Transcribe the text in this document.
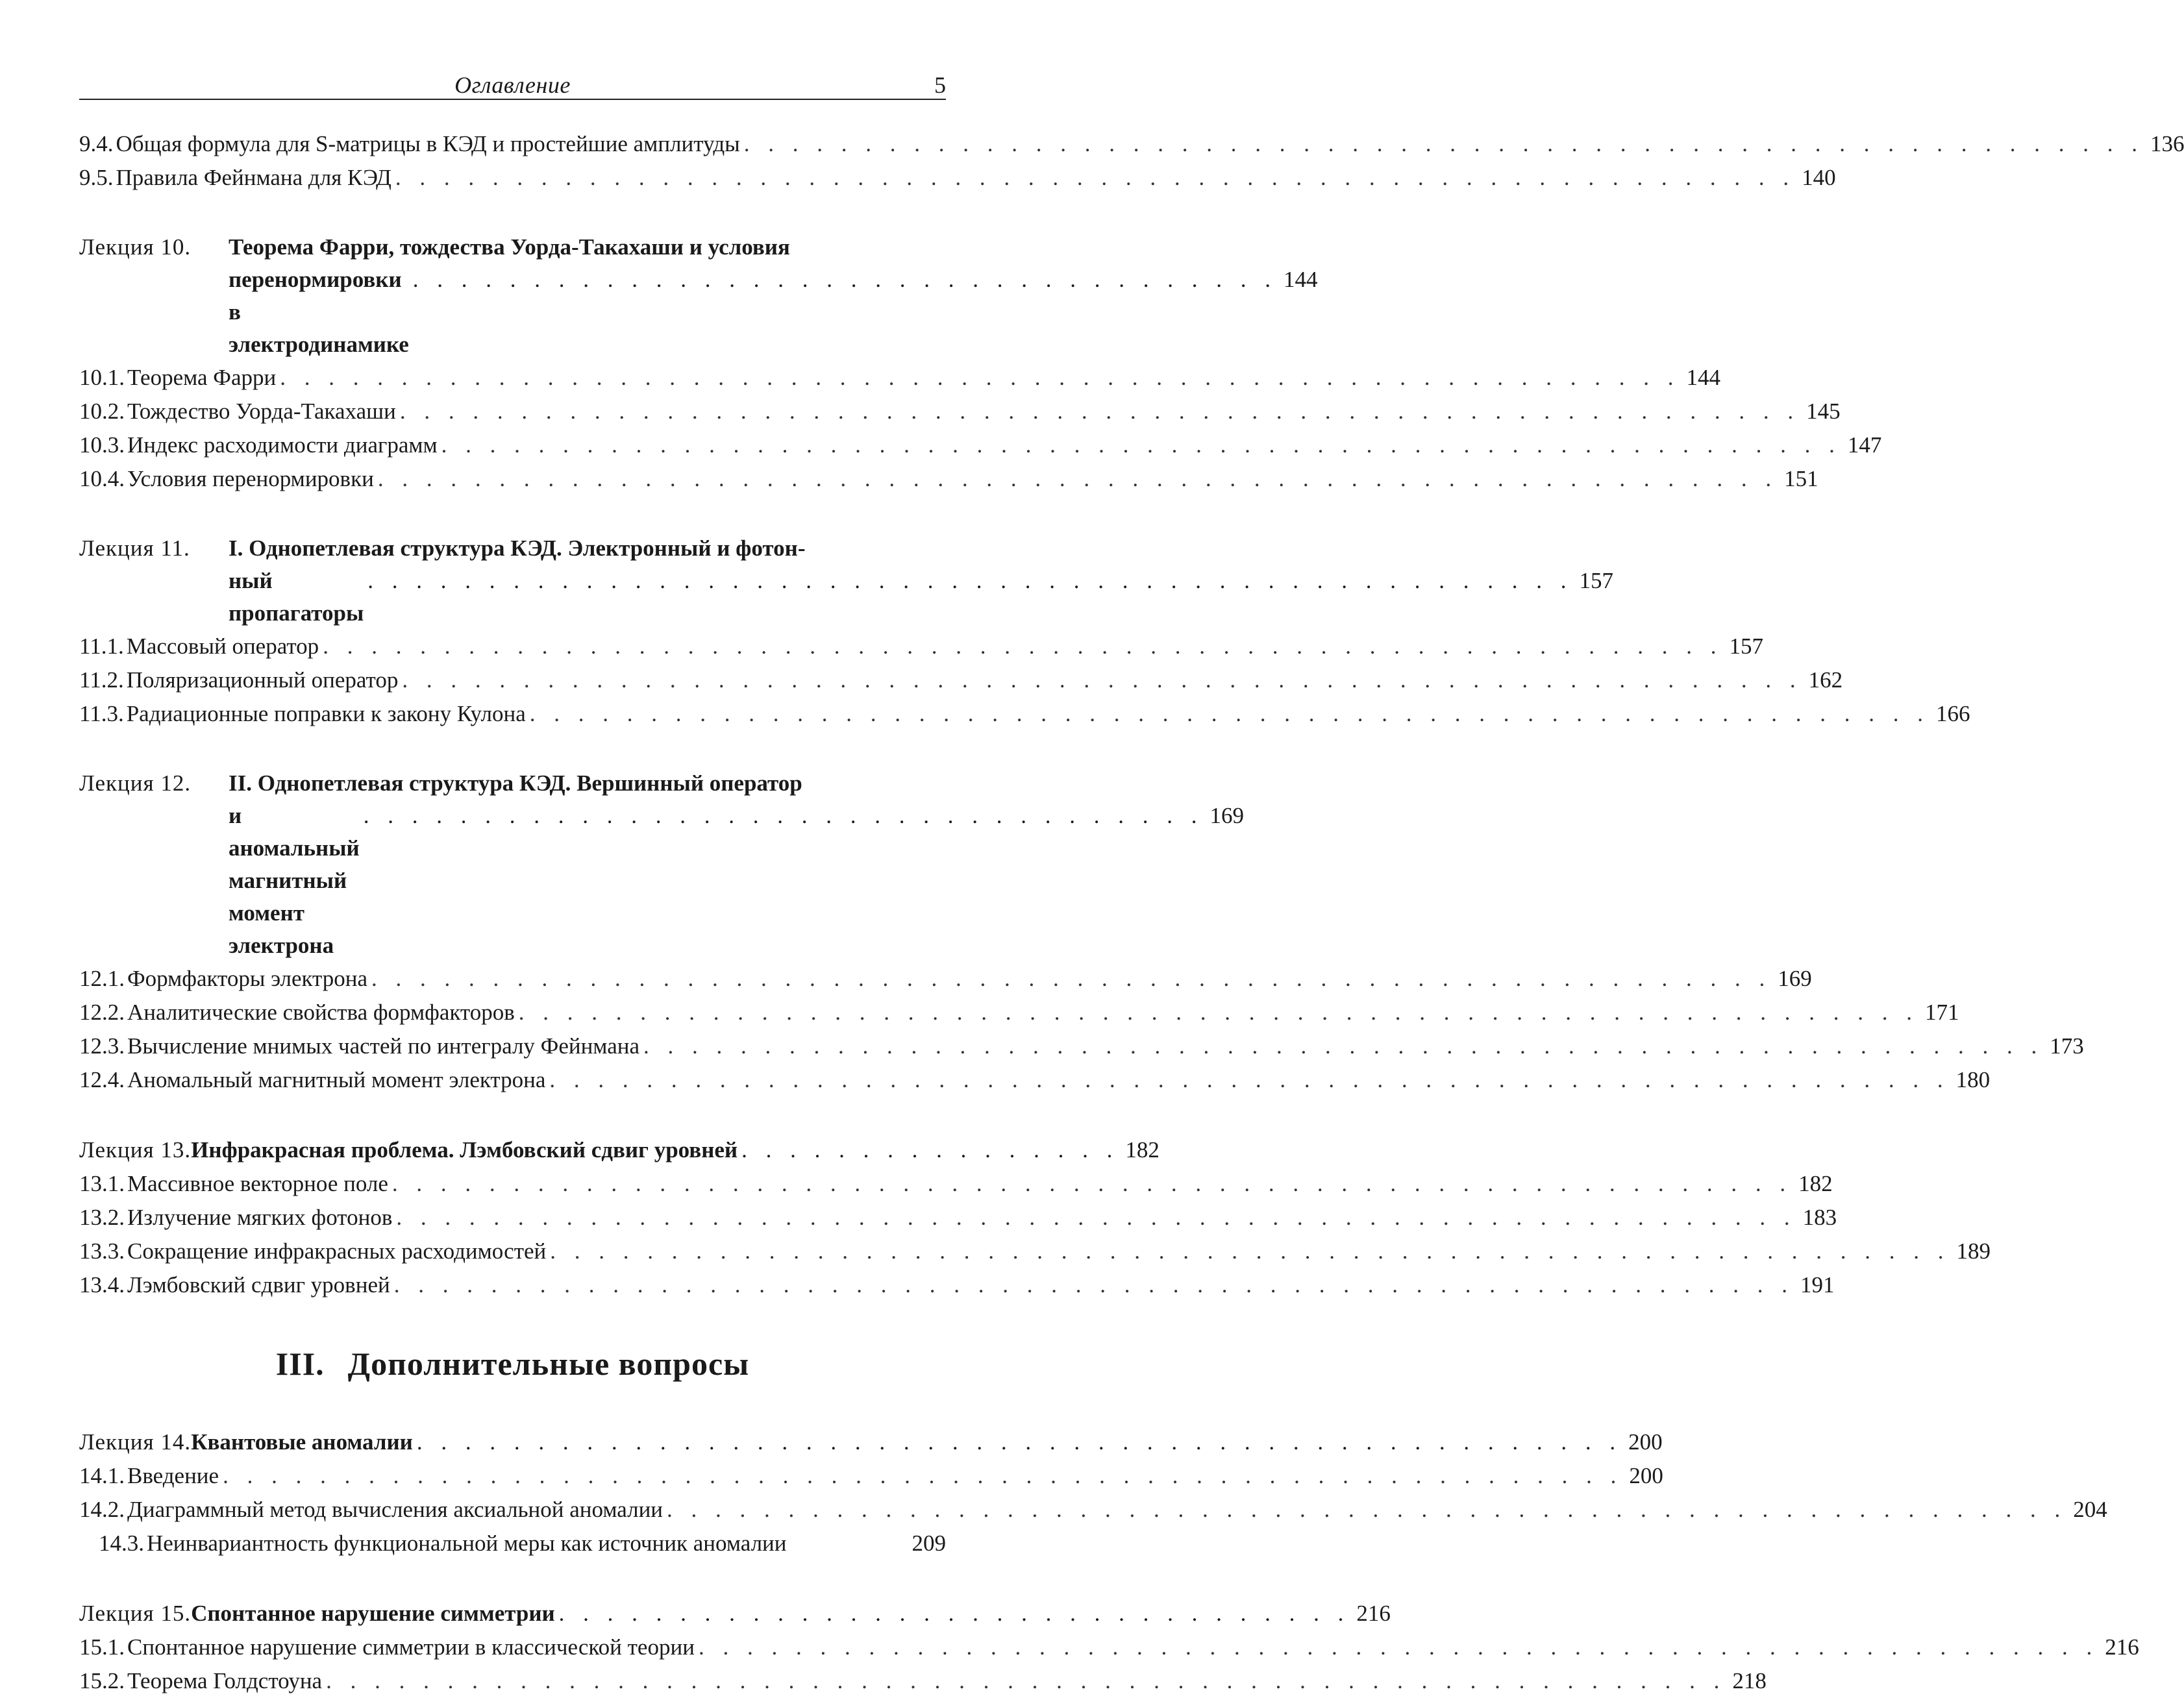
Оглавление	5
9.4. Общая формула для S-матрицы в КЭД и простейшие амплитуды . . . . . . . . . . . . . . . . . . . . . . . . . . . . . . . . . . . . . . . . . . . . . . . . . . . . . . . . . . 136
9.5. Правила Фейнмана для КЭД . . . . . . . . . . . . . . . . . . . . . . . . . . . . . . . . . . . . . . . . . . . . . . . . . . . . . . . . . . 140
Лекция 10.	Теорема Фарри, тождества Уорда-Такахаши и условия
перенормировки в электродинамике
. . . . . . . . . . . . . . . . . . . . . . . . . . . . . . . . . . . . 144
10.1. Теорема Фарри . . . . . . . . . . . . . . . . . . . . . . . . . . . . . . . . . . . . . . . . . . . . . . . . . . . . . . . . . . 144
10.2. Тождество Уорда-Такахаши . . . . . . . . . . . . . . . . . . . . . . . . . . . . . . . . . . . . . . . . . . . . . . . . . . . . . . . . . . 145
10.3. Индекс расходимости диаграмм . . . . . . . . . . . . . . . . . . . . . . . . . . . . . . . . . . . . . . . . . . . . . . . . . . . . . . . . . . 147
10.4. Условия перенормировки . . . . . . . . . . . . . . . . . . . . . . . . . . . . . . . . . . . . . . . . . . . . . . . . . . . . . . . . . . 151
Лекция 11.	I. Однопетлевая структура КЭД. Электронный и фотон-
ный пропагаторы
. . . . . . . . . . . . . . . . . . . . . . . . . . . . . . . . . . . . . . . . . . . . . . . . . . 157
11.1. Массовый оператор . . . . . . . . . . . . . . . . . . . . . . . . . . . . . . . . . . . . . . . . . . . . . . . . . . . . . . . . . . 157
11.2. Поляризационный оператор . . . . . . . . . . . . . . . . . . . . . . . . . . . . . . . . . . . . . . . . . . . . . . . . . . . . . . . . . . 162
11.3. Радиационные поправки к закону Кулона . . . . . . . . . . . . . . . . . . . . . . . . . . . . . . . . . . . . . . . . . . . . . . . . . . . . . . . . . . 166
Лекция 12.	II. Однопетлевая структура КЭД. Вершинный оператор
и аномальный магнитный момент электрона
. . . . . . . . . . . . . . . . . . . . . . . . . . . . . . . . . . . 169
12.1. Формфакторы электрона . . . . . . . . . . . . . . . . . . . . . . . . . . . . . . . . . . . . . . . . . . . . . . . . . . . . . . . . . . 169
12.2. Аналитические свойства формфакторов . . . . . . . . . . . . . . . . . . . . . . . . . . . . . . . . . . . . . . . . . . . . . . . . . . . . . . . . . . 171
12.3. Вычисление мнимых частей по интегралу Фейнмана . . . . . . . . . . . . . . . . . . . . . . . . . . . . . . . . . . . . . . . . . . . . . . . . . . . . . . . . . . 173
12.4. Аномальный магнитный момент электрона . . . . . . . . . . . . . . . . . . . . . . . . . . . . . . . . . . . . . . . . . . . . . . . . . . . . . . . . . . 180
Лекция 13. Инфракрасная проблема. Лэмбовский сдвиг уровней . . . . . . . . . . . . . . . . 182
13.1. Массивное векторное поле . . . . . . . . . . . . . . . . . . . . . . . . . . . . . . . . . . . . . . . . . . . . . . . . . . . . . . . . . . 182
13.2. Излучение мягких фотонов . . . . . . . . . . . . . . . . . . . . . . . . . . . . . . . . . . . . . . . . . . . . . . . . . . . . . . . . . . 183
13.3. Сокращение инфракрасных расходимостей . . . . . . . . . . . . . . . . . . . . . . . . . . . . . . . . . . . . . . . . . . . . . . . . . . . . . . . . . . 189
13.4. Лэмбовский сдвиг уровней . . . . . . . . . . . . . . . . . . . . . . . . . . . . . . . . . . . . . . . . . . . . . . . . . . . . . . . . . . 191
III. Дополнительные вопросы
Лекция 14. Квантовые аномалии . . . . . . . . . . . . . . . . . . . . . . . . . . . . . . . . . . . . . . . . . . . . . . . . . . 200
14.1. Введение . . . . . . . . . . . . . . . . . . . . . . . . . . . . . . . . . . . . . . . . . . . . . . . . . . . . . . . . . . 200
14.2. Диаграммный метод вычисления аксиальной аномалии . . . . . . . . . . . . . . . . . . . . . . . . . . . . . . . . . . . . . . . . . . . . . . . . . . . . . . . . . . 204
14.3. Неинвариантность функциональной меры как источник аномалии	209
Лекция 15. Спонтанное нарушение симметрии . . . . . . . . . . . . . . . . . . . . . . . . . . . . . . . . . 216
15.1. Спонтанное нарушение симметрии в классической теории . . . . . . . . . . . . . . . . . . . . . . . . . . . . . . . . . . . . . . . . . . . . . . . . . . . . . . . . . . 216
15.2. Теорема Голдстоуна . . . . . . . . . . . . . . . . . . . . . . . . . . . . . . . . . . . . . . . . . . . . . . . . . . . . . . . . . . 218
